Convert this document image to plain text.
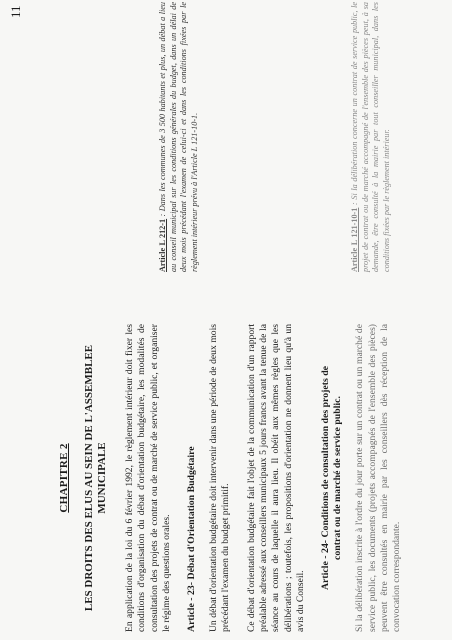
11
CHAPITRE 2 LES DROITS DES ELUS AU SEIN DE L'ASSEMBLEE MUNICIPALE En application de la loi du 6 février 1992, le règlement intérieur doit fixer les conditions d'organisation du débat d'orientation budgétaire, les modalités de consultation des projets de contrat ou de marché de service public, et organiser le régime des questions orales. Article - 23- Débat d'Orientation Budgétaire Un débat d'orientation budgétaire doit intervenir dans une période de deux mois précédant l'examen du budget primitif. Ce débat d'orientation budgétaire fait l'objet de la communication d'un rapport préalable adressé aux conseillers municipaux 5 jours francs avant la tenue de la séance au cours de laquelle il aura lieu. Il obéit aux mêmes règles que les délibérations ; toutefois, les propositions d'orientation ne donnent lieu qu'à un avis du Conseil.

Article - 24- Conditions de consultation des projets de contrat ou de marché de service public. Si la délibération inscrite à l'ordre du jour porte sur un contrat ou un marché de service public, les documents (projets accompagnés de l'ensemble des pièces) peuvent être consultés en mairie par les conseillers dès réception de la convocation correspondante.

Article L 212-1 : Dans les communes de 3 500 habitants et plus, un débat a lieu au conseil municipal sur les conditions générales du budget, dans un délai de deux mois précédant l'examen de celui-ci et dans les conditions fixées par le règlement intérieur prévu à l'Article L 121-10-1.	Article L 121-10-1 : Si la délibération concerne un contrat de service public, le projet de contrat ou de marché accompagné de l'ensemble des pièces peut, à sa demande, être consulté à la mairie par tout conseiller municipal, dans les conditions fixées par le règlement intérieur.
